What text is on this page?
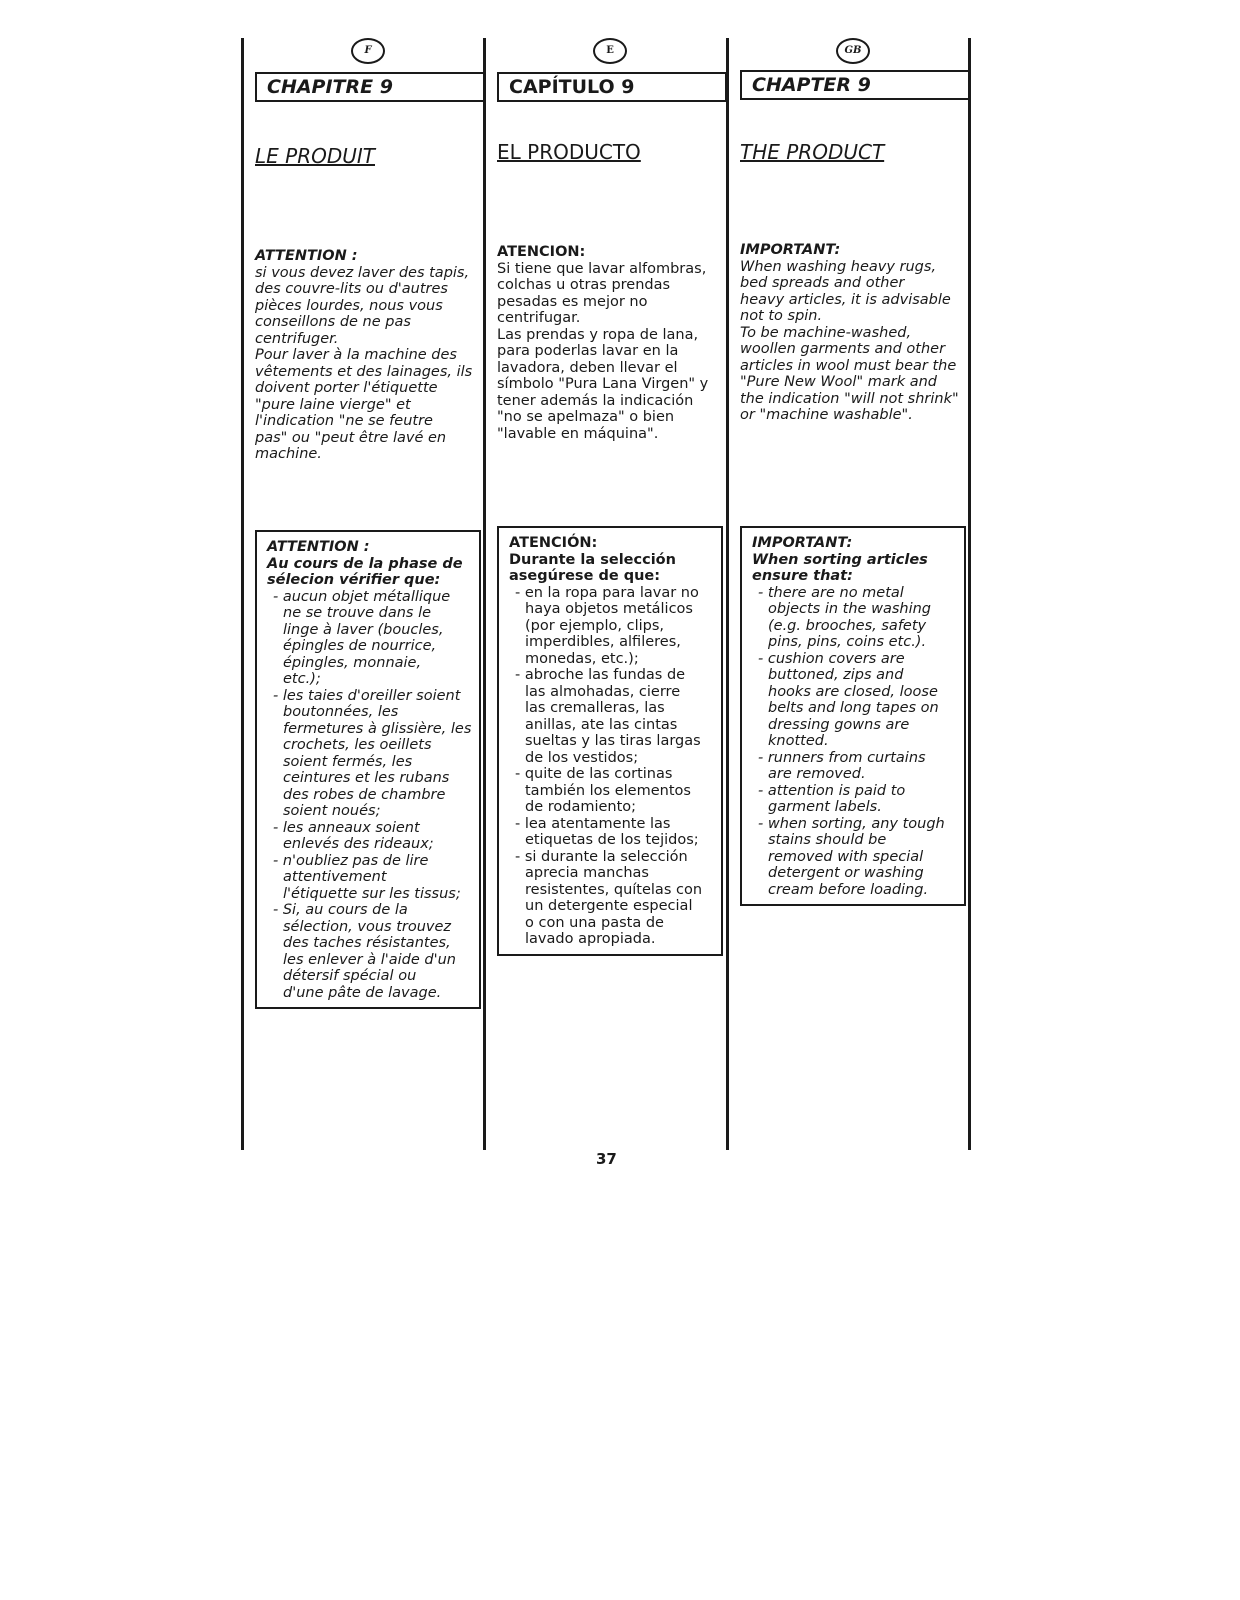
F
CHAPITRE 9
LE PRODUIT

ATTENTION :

si vous devez laver des tapis,
des couvre-lits ou d'autres
pièces lourdes, nous vous
conseillons de ne pas
centrifuger.
Pour laver à la machine des
vêtements et des lainages, ils
doivent porter l'étiquette
"pure laine vierge" et
l'indication "ne se feutre
pas" ou "peut être lavé en
machine.

ATTENTION :

Au cours de la phase de
sélecion vérifier que:

- aucun objet métallique
ne se trouve dans le
linge à laver (boucles,
épingles de nourrice,
épingles, monnaie,
etc.);
- les taies d'oreiller soient
boutonnées, les
fermetures à glissière, les
crochets, les oeillets
soient fermés, les
ceintures et les rubans
des robes de chambre
soient noués;
- les anneaux soient
enlevés des rideaux;
- n'oubliez pas de lire
attentivement
l'étiquette sur les tissus;
- Si, au cours de la
sélection, vous trouvez
des taches résistantes,
les enlever à l'aide d'un
détersif spécial ou
d'une pâte de lavage.
E
CAPÍTULO 9
EL PRODUCTO

ATENCION:

Si tiene que lavar alfombras,
colchas u otras prendas
pesadas es mejor no
centrifugar.
Las prendas y ropa de lana,
para poderlas lavar en la
lavadora, deben llevar el
símbolo "Pura Lana Virgen" y
tener además la indicación
"no se apelmaza" o bien
"lavable en máquina".

ATENCIÓN:

Durante la selección
asegúrese de que:

- en la ropa para lavar no
haya objetos metálicos
(por ejemplo, clips,
imperdibles, alfileres,
monedas, etc.);
- abroche las fundas de
las almohadas, cierre
las cremalleras, las
anillas, ate las cintas
sueltas y las tiras largas
de los vestidos;
- quite de las cortinas
también los elementos
de rodamiento;
- lea atentamente las
etiquetas de los tejidos;
- si durante la selección
aprecia manchas
resistentes, quítelas con
un detergente especial
o con una pasta de
lavado apropiada.
GB
CHAPTER 9
THE PRODUCT

IMPORTANT:

When washing heavy rugs,
bed spreads and other
heavy articles, it is advisable
not to spin.
To be machine-washed,
woollen garments and other
articles in wool must bear the
"Pure New Wool" mark and
the indication "will not shrink"
or "machine washable".

IMPORTANT:

When sorting articles
ensure that:

- there are no metal
objects in the washing
(e.g. brooches, safety
pins, pins, coins etc.).
- cushion covers are
buttoned, zips and
hooks are closed, loose
belts and long tapes on
dressing gowns are
knotted.
- runners from curtains
are removed.
- attention is paid to
garment labels.
- when sorting, any tough
stains should be
removed with special
detergent or washing
cream before loading.
37
